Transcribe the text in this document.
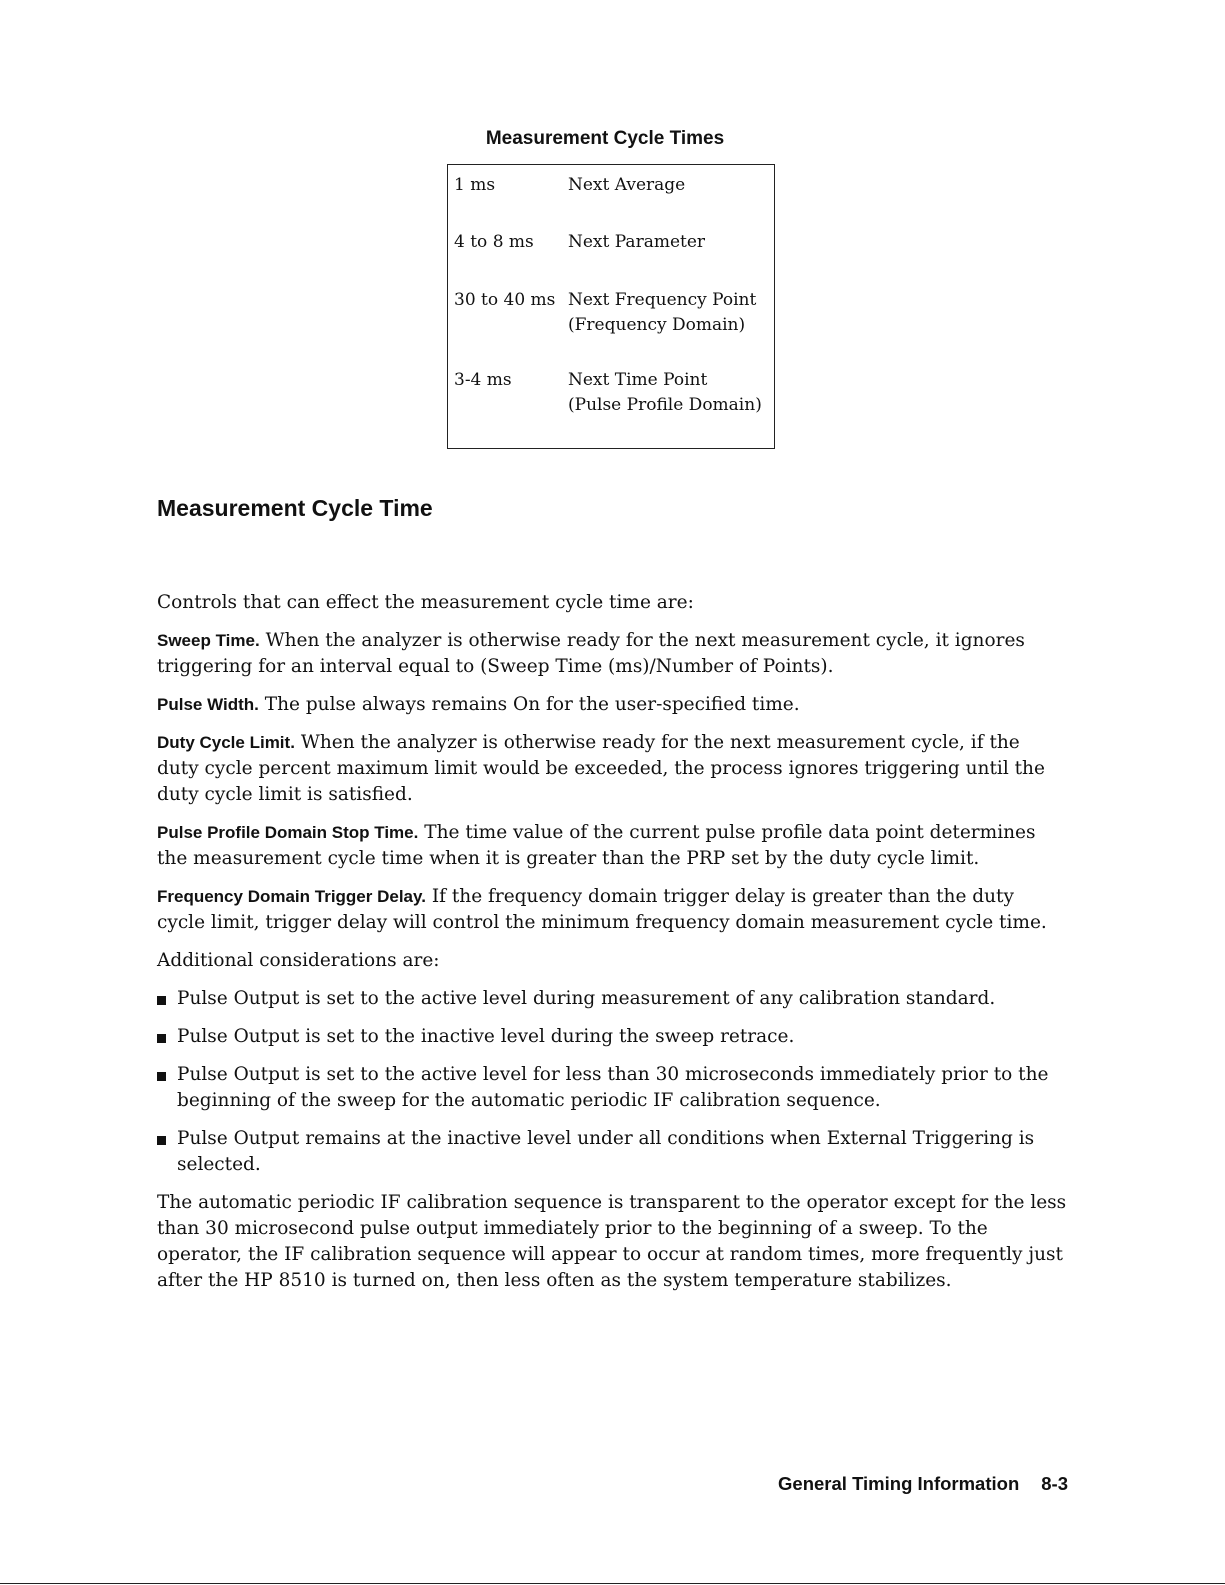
Measurement Cycle Times
1 ms	Next Average
4 to 8 ms	Next Parameter
30 to 40 ms Next Frequency Point
(Frequency Domain)
3-4 ms	Next Time Point
(Pulse Profile Domain)
Measurement Cycle Time

Controls that can effect the measurement cycle time are:

Sweep Time. When the analyzer is otherwise ready for the next measurement cycle, it ignores triggering for an interval equal to (Sweep Time (ms)/Number of Points).

Pulse Width. The pulse always remains On for the user-specified time.

Duty Cycle Limit. When the analyzer is otherwise ready for the next measurement cycle, if the duty cycle percent maximum limit would be exceeded, the process ignores triggering until the duty cycle limit is satisfied.

Pulse Profile Domain Stop Time. The time value of the current pulse profile data point determines the measurement cycle time when it is greater than the PRP set by the duty cycle limit.

Frequency Domain Trigger Delay. If the frequency domain trigger delay is greater than the duty cycle limit, trigger delay will control the minimum frequency domain measurement cycle time.

Additional considerations are:

Pulse Output is set to the active level during measurement of any calibration standard.
Pulse Output is set to the inactive level during the sweep retrace.
Pulse Output is set to the active level for less than 30 microseconds immediately prior to the beginning of the sweep for the automatic periodic IF calibration sequence.
Pulse Output remains at the inactive level under all conditions when External Triggering is selected.

The automatic periodic IF calibration sequence is transparent to the operator except for the less than 30 microsecond pulse output immediately prior to the beginning of a sweep. To the operator, the IF calibration sequence will appear to occur at random times, more frequently just after the HP 8510 is turned on, then less often as the system temperature stabilizes.

General Timing Information 8-3
